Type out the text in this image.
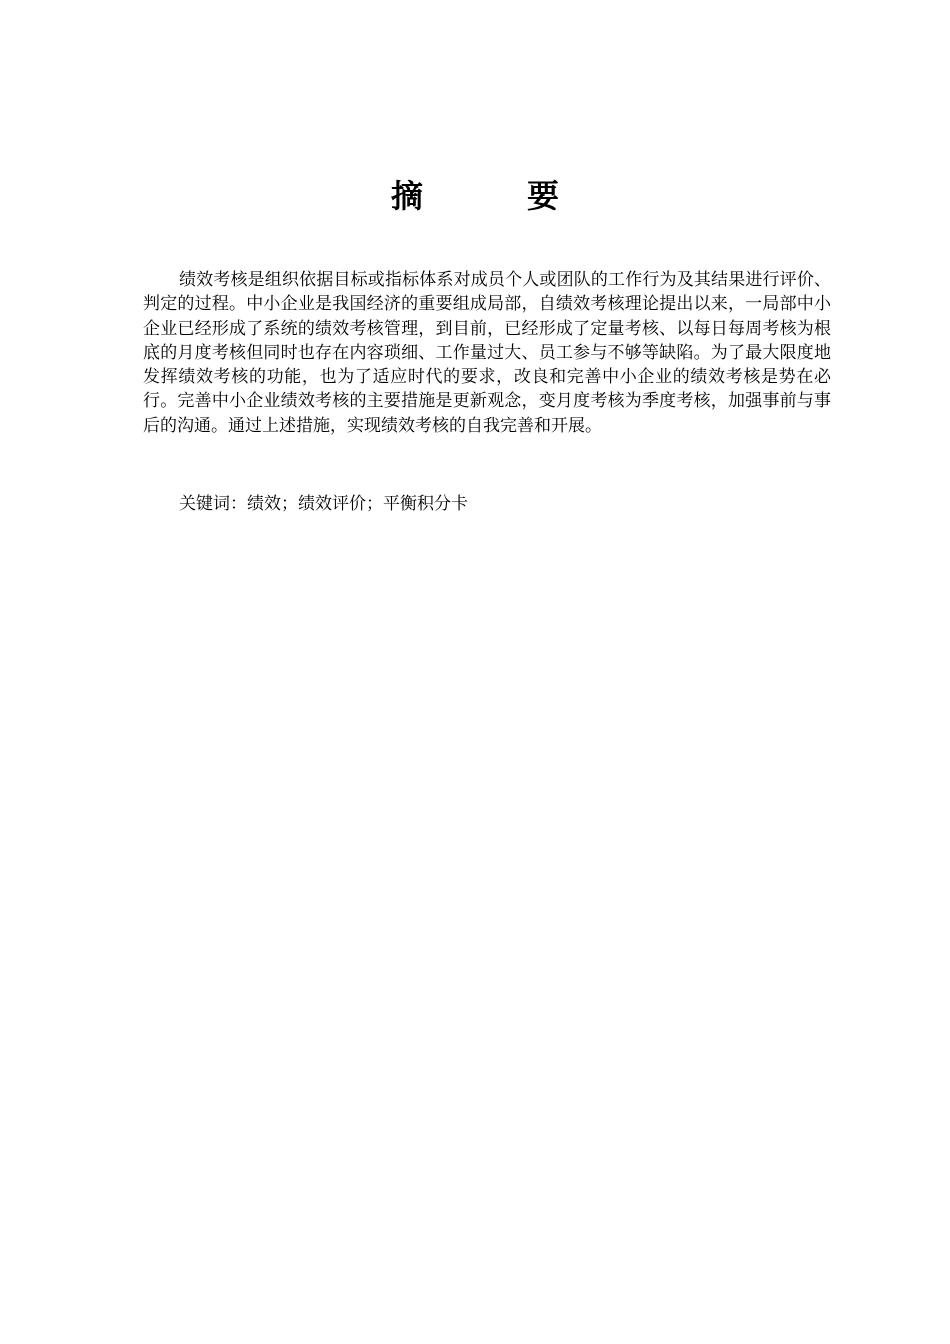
摘　要

绩效考核是组织依据目标或指标体系对成员个人或团队的工作行为及其结果进行评价、判定的过程。中小企业是我国经济的重要组成局部，自绩效考核理论提出以来，一局部中小企业已经形成了系统的绩效考核管理，到目前，已经形成了定量考核、以每日每周考核为根底的月度考核但同时也存在内容琐细、工作量过大、员工参与不够等缺陷。为了最大限度地发挥绩效考核的功能，也为了适应时代的要求，改良和完善中小企业的绩效考核是势在必行。完善中小企业绩效考核的主要措施是更新观念，变月度考核为季度考核，加强事前与事后的沟通。通过上述措施，实现绩效考核的自我完善和开展。

关键词：绩效；绩效评价；平衡积分卡
